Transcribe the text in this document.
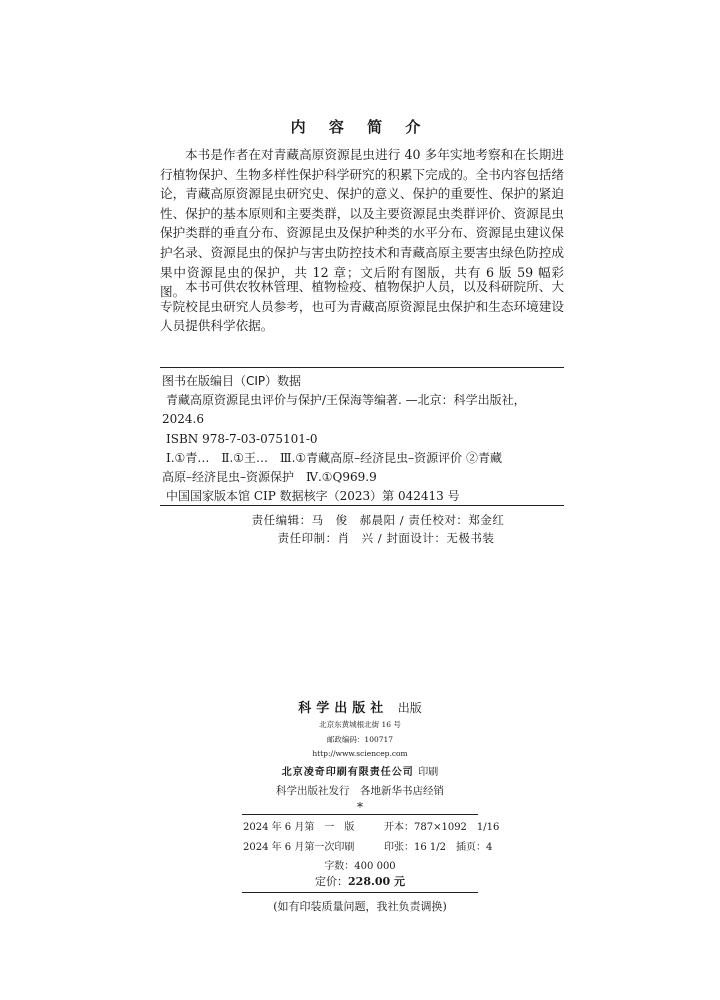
内 容 简 介

本书是作者在对青藏高原资源昆虫进行 40 多年实地考察和在长期进行植物保护、生物多样性保护科学研究的积累下完成的。全书内容包括绪论，青藏高原资源昆虫研究史、保护的意义、保护的重要性、保护的紧迫性、保护的基本原则和主要类群，以及主要资源昆虫类群评价、资源昆虫保护类群的垂直分布、资源昆虫及保护种类的水平分布、资源昆虫建议保护名录、资源昆虫的保护与害虫防控技术和青藏高原主要害虫绿色防控成果中资源昆虫的保护，共 12 章；文后附有图版，共有 6 版 59 幅彩图。 本书可供农牧林管理、植物检疫、植物保护人员，以及科研院所、大专院校昆虫研究人员参考，也可为青藏高原资源昆虫保护和生态环境建设人员提供科学依据。

图书在版编目（CIP）数据
青藏高原资源昆虫评价与保护/王保海等编著. —北京：科学出版社，
2024.6
ISBN 978-7-03-075101-0
Ⅰ.①青…　Ⅱ.①王…　Ⅲ.①青藏高原–经济昆虫–资源评价 ②青藏
高原–经济昆虫–资源保护　Ⅳ.①Q969.9
中国国家版本馆 CIP 数据核字（2023）第 042413 号
责任编辑：马　俊　郝晨阳 / 责任校对：郑金红
责任印制：肖　兴 / 封面设计：无极书装
科学出版社 出版
北京东黄城根北街 16 号
邮政编码：100717
http://www.sciencep.com
北京凌奇印刷有限责任公司 印刷
科学出版社发行　各地新华书店经销
*
2024 年 6 月第　一　版	开本：787×1092　1/16
2024 年 6 月第一次印刷	印张：16 1/2　插页：4
字数：400 000
定价：228.00 元
(如有印装质量问题，我社负责调换)
